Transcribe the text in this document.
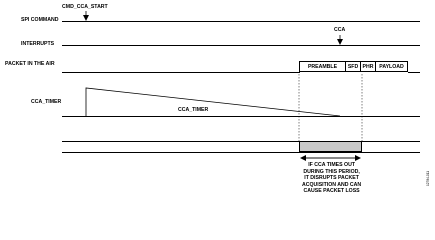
CMD_CCA_START
SPI COMMAND
INTERRUPTS
PACKET IN THE AIR
CCA_TIMER
CCA
PREAMBLE	SFD PHR	PAYLOAD
CCA_TIMER
IF CCA TIMES OUT
DURING THIS PERIOD,
IT DISRUPTS PACKET
ACQUISITION AND CAN
CAUSE PACKET LOSS
12784-011
